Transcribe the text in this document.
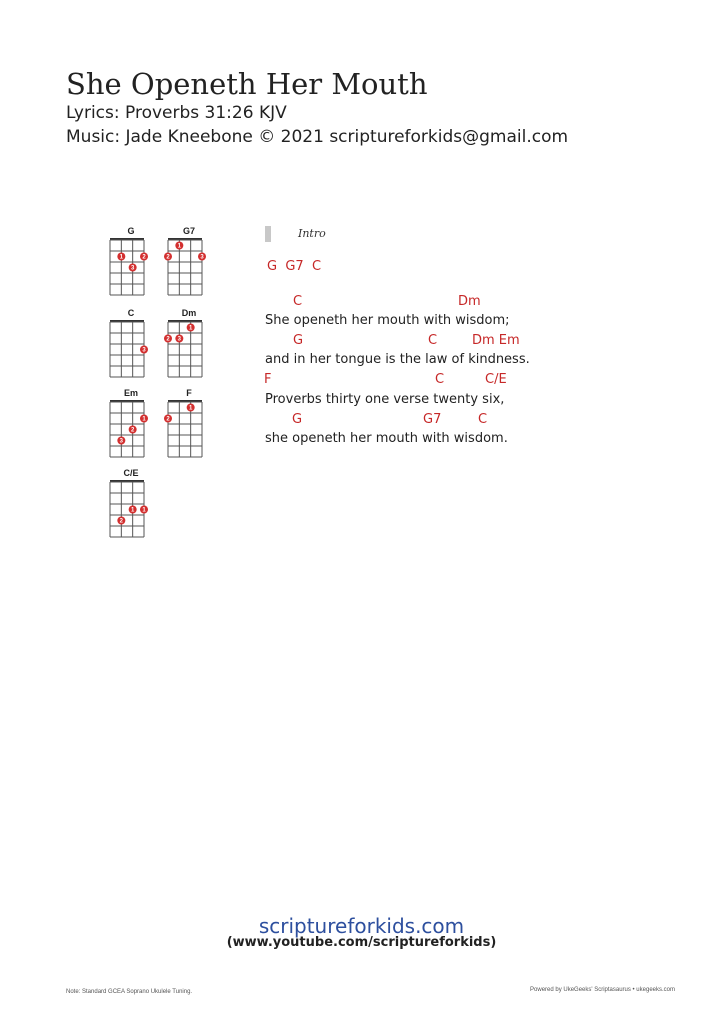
She Openeth Her Mouth
Lyrics: Proverbs 31:26 KJV
Music: Jade Kneebone © 2021 scriptureforkids@gmail.com
G
1
3
2
G7
2
1
3
C
3
Dm
2 3
1
Em
3
2
1
F
2
1
C/E
2
1 1
Intro
G  G7  C
C	Dm
She openeth her mouth with wisdom;
G	C	Dm Em
and in her tongue is the law of kindness.
F	C	C/E
Proverbs thirty one verse twenty six,
G	G7	C
she openeth her mouth with wisdom.
scriptureforkids.com
(www.youtube.com/scriptureforkids)
Note: Standard GCEA Soprano Ukulele Tuning.	Powered by UkeGeeks' Scriptasaurus • ukegeeks.com
